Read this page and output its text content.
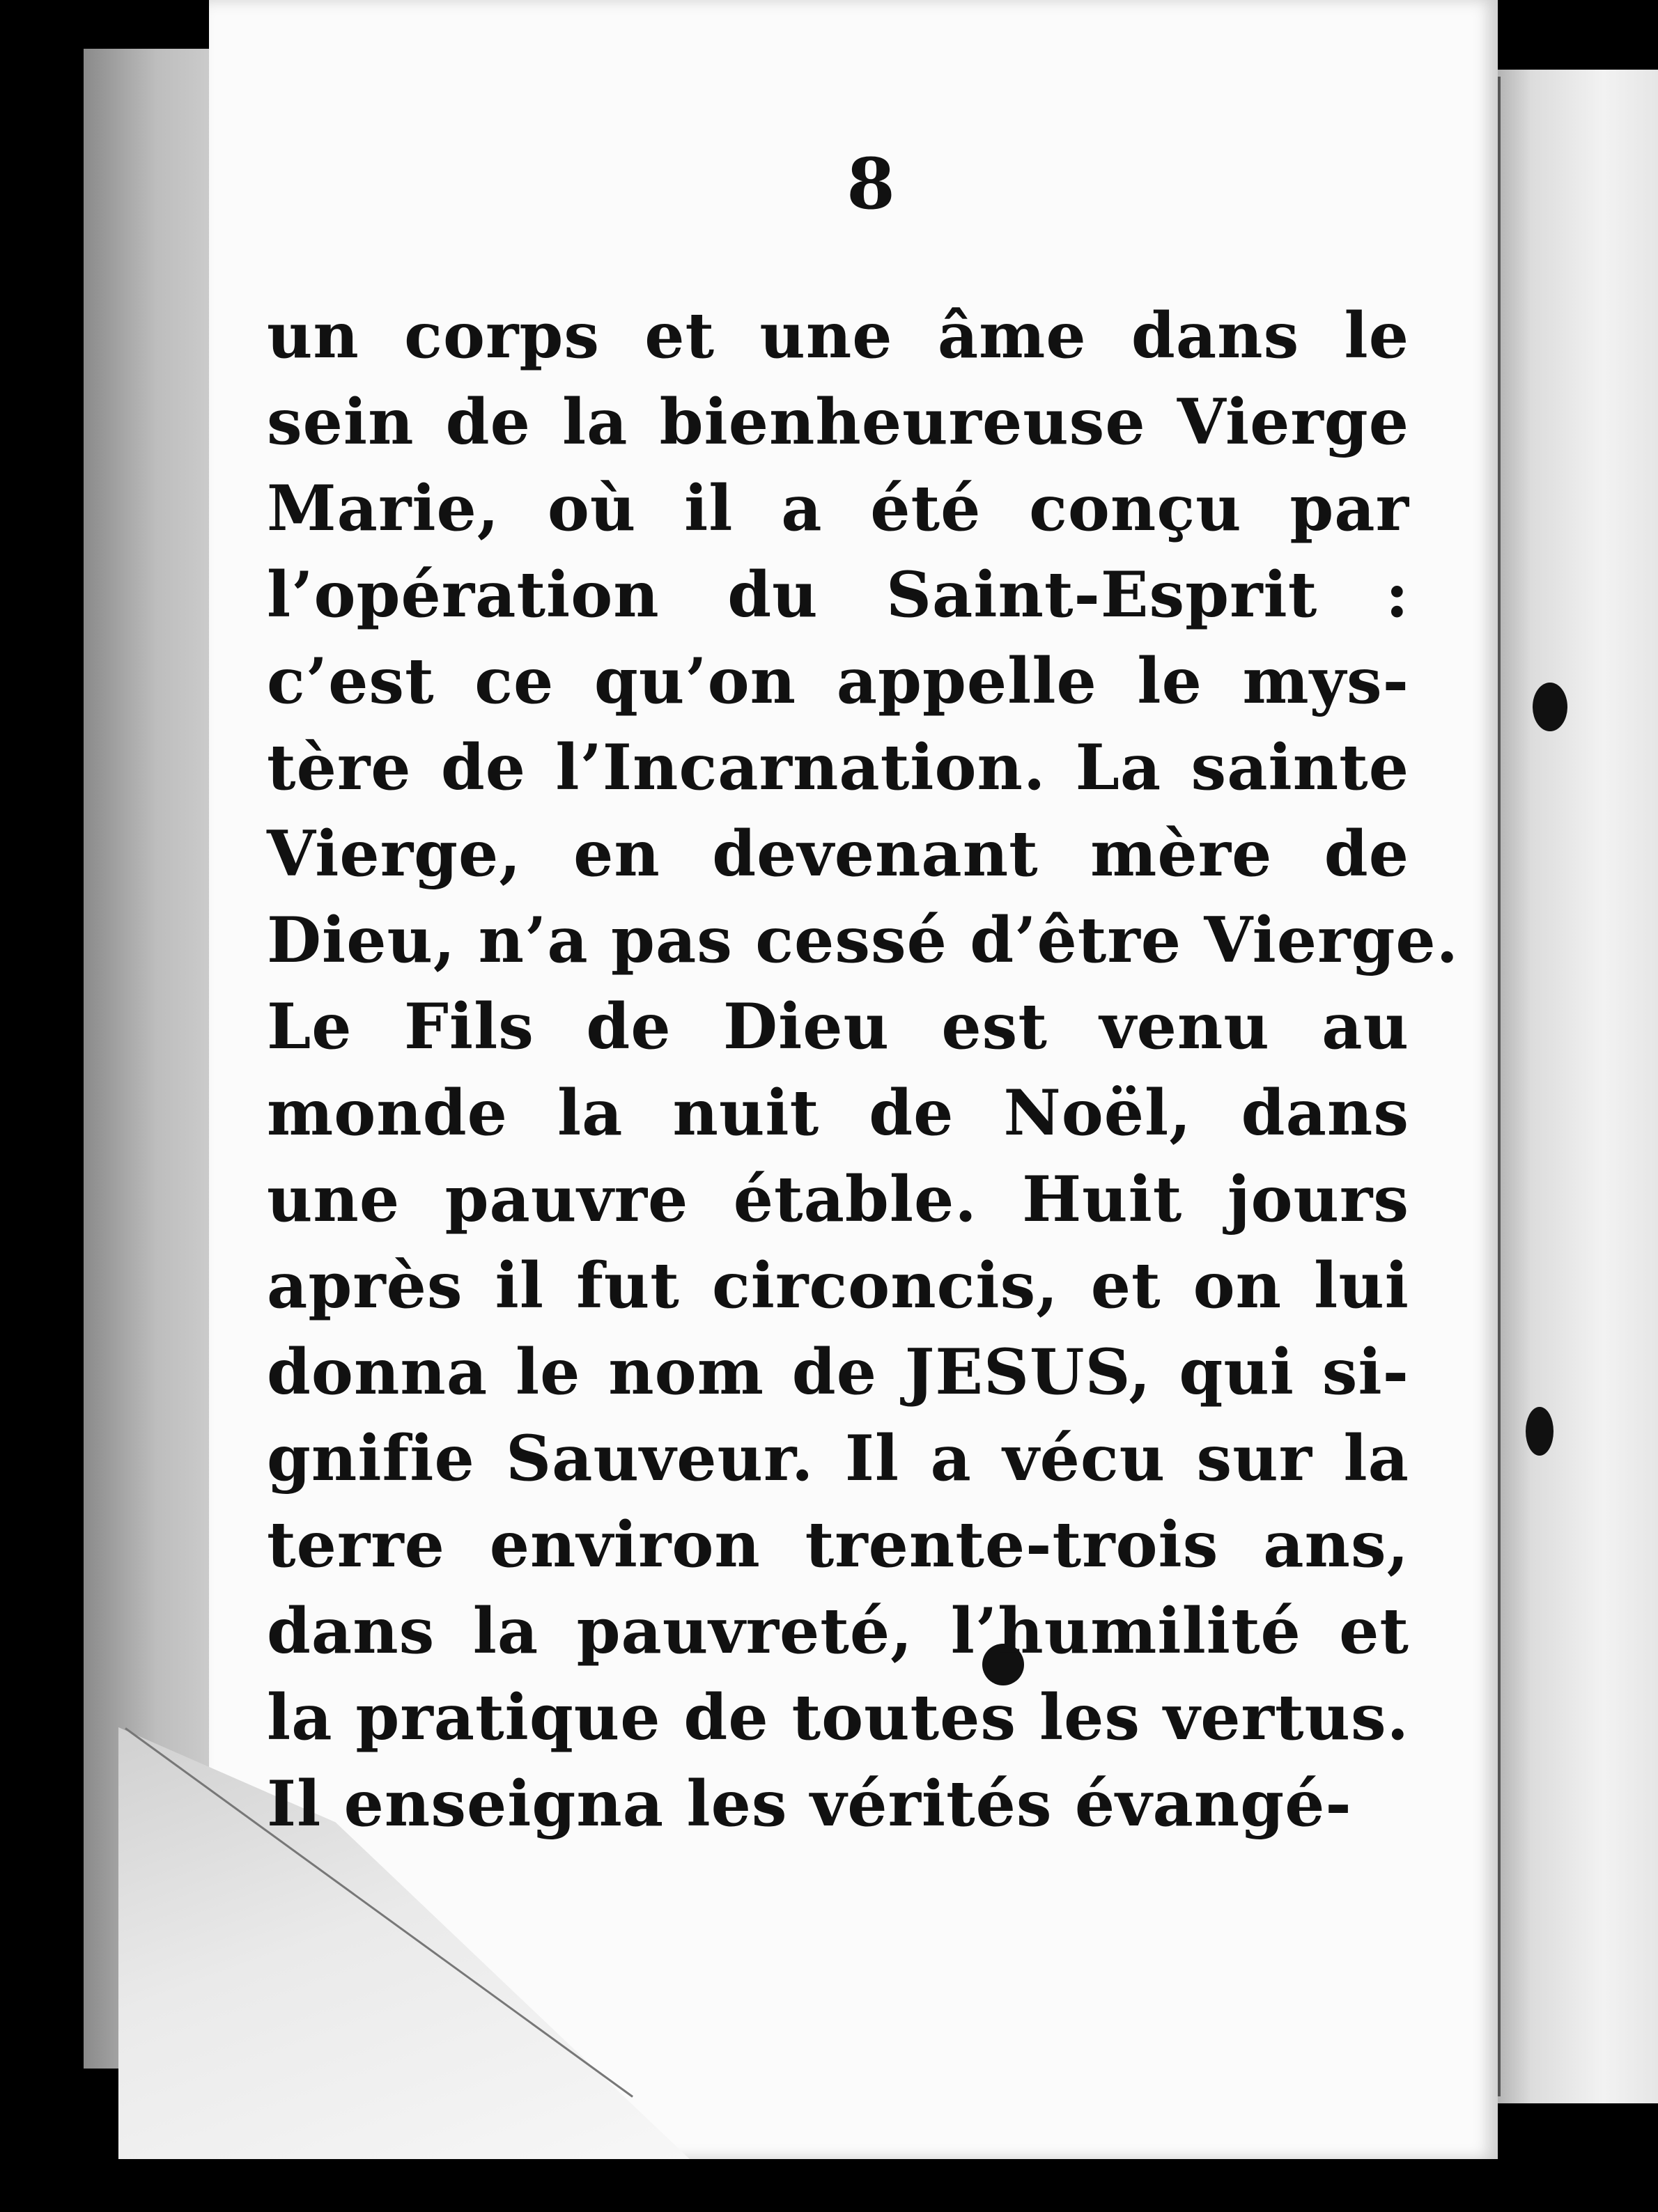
8
un corps et une âme dans le
sein de la bienheureuse Vierge
Marie, où il a été conçu par
l’opération du Saint-Esprit :
c’est ce qu’on appelle le mys-
tère de l’Incarnation. La sainte
Vierge, en devenant mère de
Dieu, n’a pas cessé d’être Vierge.
Le Fils de Dieu est venu au
monde la nuit de Noël, dans
une pauvre étable. Huit jours
après il fut circoncis, et on lui
donna le nom de JESUS, qui si-
gnifie Sauveur. Il a vécu sur la
terre environ trente-trois ans,
dans la pauvreté, l’humilité et
la pratique de toutes les vertus.
Il enseigna les vérités évangé-
